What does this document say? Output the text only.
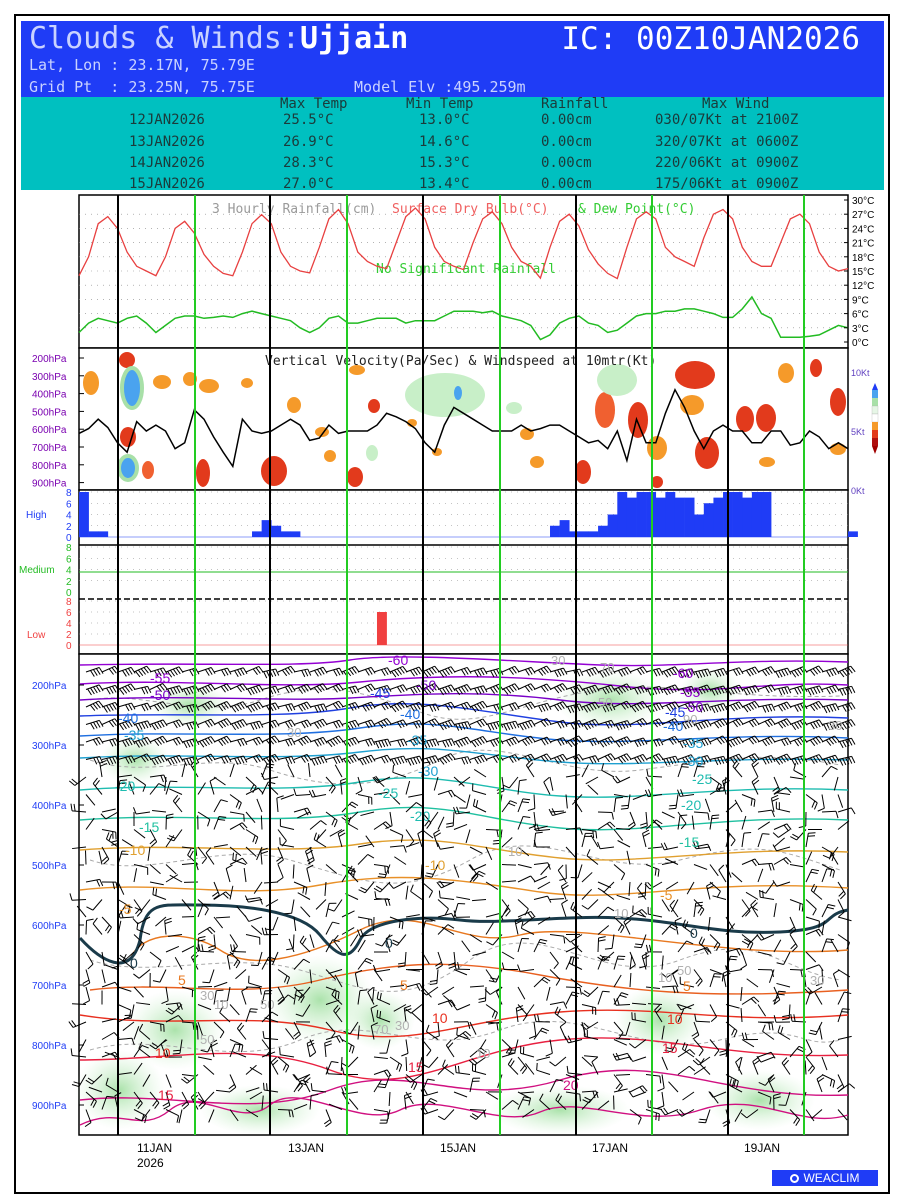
Clouds & Winds:Ujjain	IC: 00Z10JAN2026
Lat, Lon : 23.17N, 75.79E
Grid Pt  : 23.25N, 75.75E	Model Elv :495.259m
Max Temp	Min Temp	Rainfall	Max Wind
12JAN2026	25.5°C	13.0°C	0.00cm	030/07Kt at 2100Z
13JAN2026	26.9°C	14.6°C	0.00cm	320/07Kt at 0600Z
14JAN2026	28.3°C	15.3°C	0.00cm	220/06Kt at 0900Z
15JAN2026	27.0°C	13.4°C	0.00cm	175/06Kt at 0900Z
3 Hourly Rainfall(cm) Surface Dry Bulb(°C) & Dew Point(°C)
No Significant Rainfall
30°C
27°C
24°C
21°C
18°C
15°C
12°C
9°C
6°C
3°C
0°C
Vertical Velocity(Pa/Sec) & Windspeed at 10mtr(Kt)
200hPa
300hPa
400hPa
500hPa
600hPa
700hPa
800hPa
900hPa
10Kt
5Kt
0Kt
8
6
4
2
0
8
6
4
2
0
8
6
4
2
0
High
Medium
Low
-60
-60
-55
-55
-50
-50
-50
-45
-45
-40	-40
-40
-35	-35	-35
-30
-30
-25
-25
-20
-20
-20
-15
-15
-10
-10
-5
-5
0
0
0
5	5	5
10	10
10	15
15
15
20
30	70
50
90	30
30
10
10
50
10
10 50
70 30
50
30
10
30
200hPa
300hPa
400hPa
500hPa
600hPa
700hPa
800hPa
900hPa
11JAN
2026
13JAN	15JAN	17JAN	19JAN
WEACLIM
